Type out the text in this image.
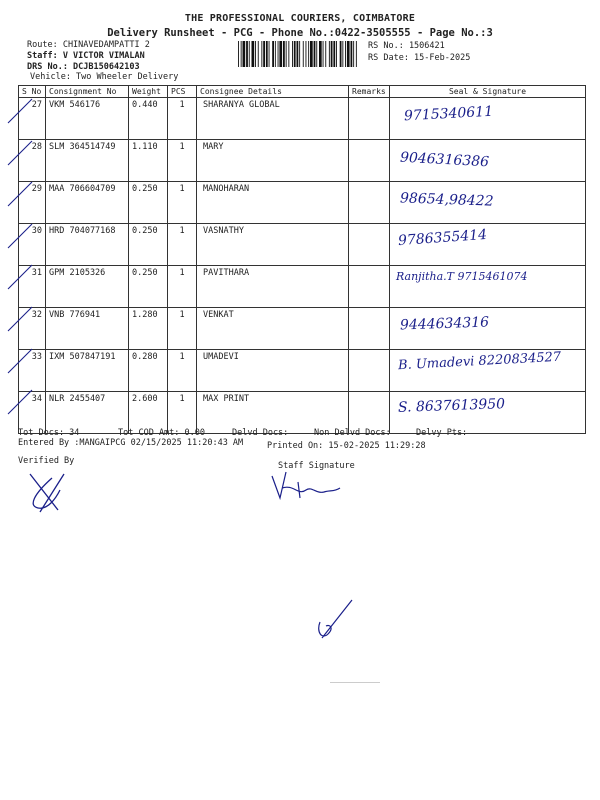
THE PROFESSIONAL COURIERS, COIMBATORE
Delivery Runsheet - PCG - Phone No.:0422-3505555 - Page No.:3
Route: CHINAVEDAMPATTI 2
Staff: V VICTOR VIMALAN
DRS No.: DCJB150642103
Vehicle: Two Wheeler Delivery
RS No.: 1506421
RS Date: 15-Feb-2025
S No	Consignment No	Weight	PCS	Consignee Details	Remarks	Seal & Signature
27	VKM 546176	0.440	1	SHARANYA GLOBAL		9715340611

28	SLM 364514749	1.110	1	MARY		9046316386

29	MAA 706604709	0.250	1	MANOHARAN		98654,98422

30	HRD 704077168	0.250	1	VASNATHY		9786355414

31	GPM 2105326	0.250	1	PAVITHARA		Ranjitha.T 9715461074

32	VNB 776941	1.280	1	VENKAT		9444634316

33	IXM 507847191	0.280	1	UMADEVI		B. Umadevi 8220834527

34	NLR 2455407	2.600	1	MAX PRINT		S. 8637613950
Tot Docs: 34	Tot COD Amt: 0.00	Delvd Docs:	Non Delvd Docs:	Delvy Pts:
Entered By :MANGAIPCG 02/15/2025 11:20:43 AM	Printed On: 15-02-2025 11:29:28
Verified By	Staff Signature
